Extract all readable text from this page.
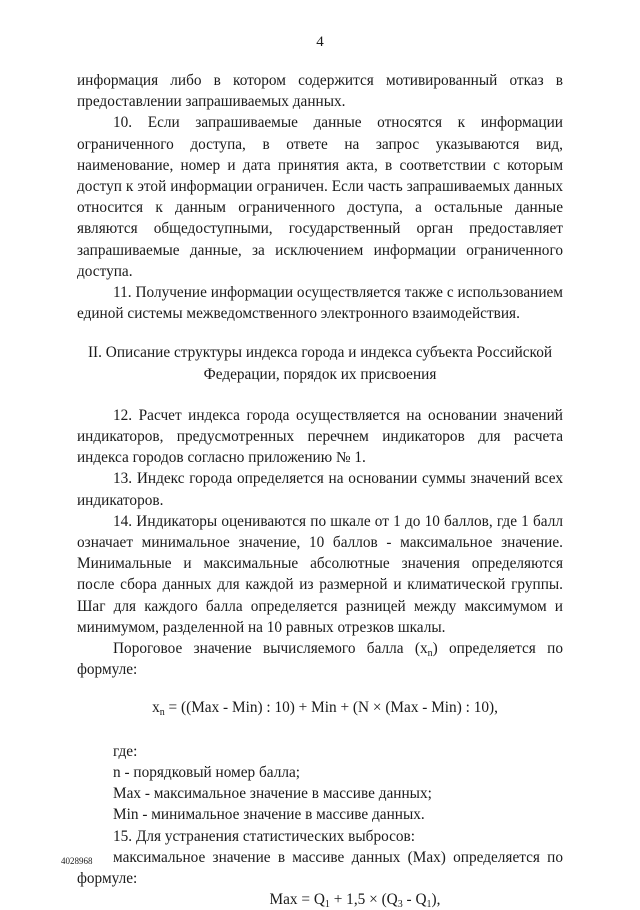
4

информация либо в котором содержится мотивированный отказ в предоставлении запрашиваемых данных.

10. Если запрашиваемые данные относятся к информации ограниченного доступа, в ответе на запрос указываются вид, наименование, номер и дата принятия акта, в соответствии с которым доступ к этой информации ограничен. Если часть запрашиваемых данных относится к данным ограниченного доступа, а остальные данные являются общедоступными, государственный орган предоставляет запрашиваемые данные, за исключением информации ограниченного доступа.

11. Получение информации осуществляется также с использованием единой системы межведомственного электронного взаимодействия.

II. Описание структуры индекса города и индекса субъекта Российской
Федерации, порядок их присвоения

12. Расчет индекса города осуществляется на основании значений индикаторов, предусмотренных перечнем индикаторов для расчета индекса городов согласно приложению № 1.

13. Индекс города определяется на основании суммы значений всех индикаторов.

14. Индикаторы оцениваются по шкале от 1 до 10 баллов, где 1 балл означает минимальное значение, 10 баллов - максимальное значение. Минимальные и максимальные абсолютные значения определяются после сбора данных для каждой из размерной и климатической группы. Шаг для каждого балла определяется разницей между максимумом и минимумом, разделенной на 10 равных отрезков шкалы.

Пороговое значение вычисляемого балла $(x_n)$ определяется по формуле:

$x_n = ((Max - Min)$ : 10) + Min + (N × (Max - Min) : 10),

где:

n - порядковый номер балла;

Max - максимальное значение в массиве данных;

Min - минимальное значение в массиве данных.

15. Для устранения статистических выбросов:

максимальное значение в массиве данных (Max) определяется по формуле:

Max = $Q_1 + 1,5 \times (Q_3 - Q_1)$,

4028968
